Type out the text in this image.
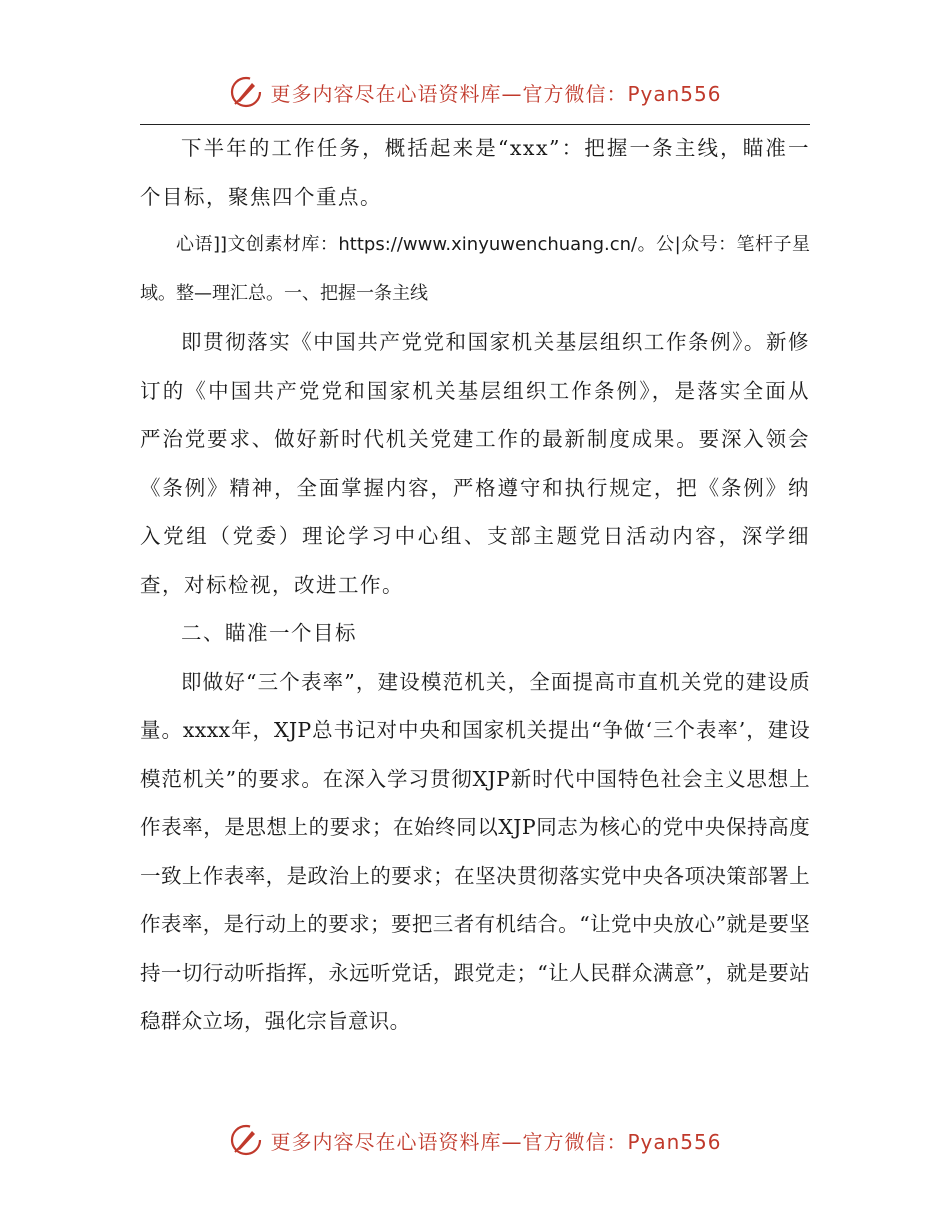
更多内容尽在心语资料库—官方微信：Pyan556

下半年的工作任务，概括起来是“xxx”：把握一条主线，瞄准一个目标，聚焦四个重点。

心语]]文创素材库：https://www.xinyuwenchuang.cn/。公|众号：笔杆子星域。整—理汇总。一、把握一条主线

即贯彻落实《中国共产党党和国家机关基层组织工作条例》。新修订的《中国共产党党和国家机关基层组织工作条例》，是落实全面从严治党要求、做好新时代机关党建工作的最新制度成果。要深入领会《条例》精神，全面掌握内容，严格遵守和执行规定，把《条例》纳入党组（党委）理论学习中心组、支部主题党日活动内容，深学细查，对标检视，改进工作。

二、瞄准一个目标

即做好“三个表率”，建设模范机关，全面提高市直机关党的建设质量。xxxx年，XJP总书记对中央和国家机关提出“争做‘三个表率’，建设模范机关”的要求。在深入学习贯彻XJP新时代中国特色社会主义思想上作表率，是思想上的要求；在始终同以XJP同志为核心的党中央保持高度一致上作表率，是政治上的要求；在坚决贯彻落实党中央各项决策部署上作表率，是行动上的要求；要把三者有机结合。“让党中央放心”就是要坚持一切行动听指挥，永远听党话，跟党走；“让人民群众满意”，就是要站稳群众立场，强化宗旨意识。

更多内容尽在心语资料库—官方微信：Pyan556
